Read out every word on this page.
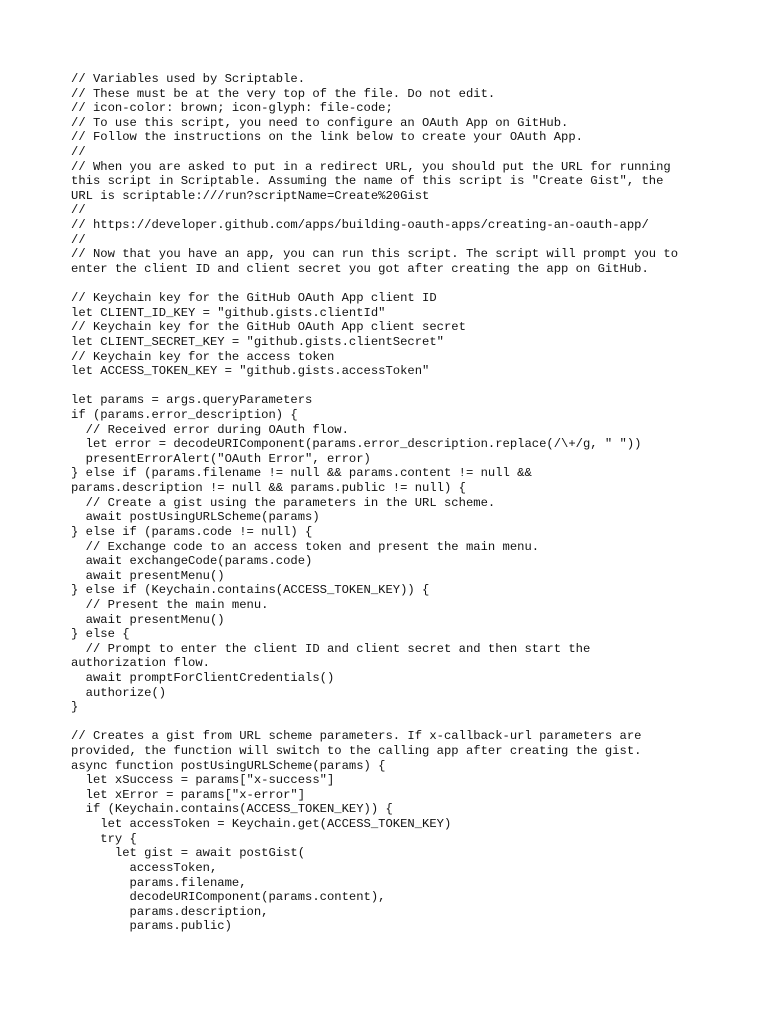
// Variables used by Scriptable.
// These must be at the very top of the file. Do not edit.
// icon-color: brown; icon-glyph: file-code;
// To use this script, you need to configure an OAuth App on GitHub.
// Follow the instructions on the link below to create your OAuth App.
//
// When you are asked to put in a redirect URL, you should put the URL for running
this script in Scriptable. Assuming the name of this script is "Create Gist", the
URL is scriptable:///run?scriptName=Create%20Gist
//
// https://developer.github.com/apps/building-oauth-apps/creating-an-oauth-app/
//
// Now that you have an app, you can run this script. The script will prompt you to
enter the client ID and client secret you got after creating the app on GitHub.
// Keychain key for the GitHub OAuth App client ID
let CLIENT_ID_KEY = "github.gists.clientId"
// Keychain key for the GitHub OAuth App client secret
let CLIENT_SECRET_KEY = "github.gists.clientSecret"
// Keychain key for the access token
let ACCESS_TOKEN_KEY = "github.gists.accessToken"
let params = args.queryParameters
if (params.error_description) {
// Received error during OAuth flow.
let error = decodeURIComponent(params.error_description.replace(/\+/g, " "))
presentErrorAlert("OAuth Error", error)
} else if (params.filename != null && params.content != null &&
params.description != null && params.public != null) {
// Create a gist using the parameters in the URL scheme.
await postUsingURLScheme(params)
} else if (params.code != null) {
// Exchange code to an access token and present the main menu.
await exchangeCode(params.code)
await presentMenu()
} else if (Keychain.contains(ACCESS_TOKEN_KEY)) {
// Present the main menu.
await presentMenu()
} else {
// Prompt to enter the client ID and client secret and then start the
authorization flow.
await promptForClientCredentials()
authorize()
}
// Creates a gist from URL scheme parameters. If x-callback-url parameters are
provided, the function will switch to the calling app after creating the gist.
async function postUsingURLScheme(params) {
let xSuccess = params["x-success"]
let xError = params["x-error"]
if (Keychain.contains(ACCESS_TOKEN_KEY)) {
let accessToken = Keychain.get(ACCESS_TOKEN_KEY)
try {
let gist = await postGist(
accessToken,
params.filename,
decodeURIComponent(params.content),
params.description,
params.public)
